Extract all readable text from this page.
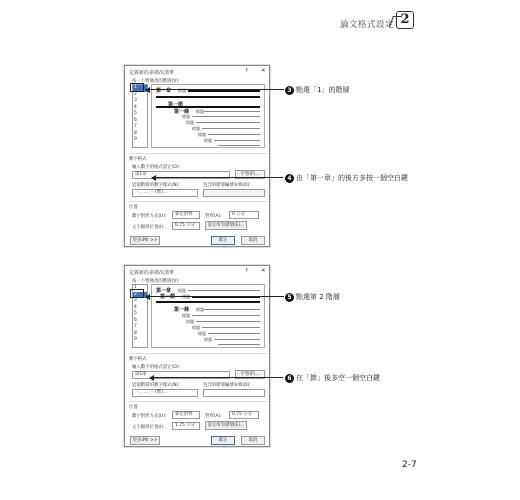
論文格式設定 2
定義新的多層次清單	? ✕
按一下要修改的階層(V):
1
2
3
4
5
6
7
8
9
第一章 標題
第一節
第一條 標題
標題
標題
標題
標題
標題
數字格式
輸入數字的格式設定(O):
第1章	字型(F)...
這個階層的數字樣式(N):	包含的階層編號來源(D):
一, 二, 三 (繁)...
位置
數字對齊方式(U):	靠左對齊	對齊(A):	0 公分
文字縮排位置(I):	0.75 公分	設定所有階層(E)...
更多(M) >>	確定	取消
3 點選「1」的階層
4 由「第一章」的後方多按一個空白鍵
定義新的多層次清單	? ✕
按一下要修改的階層(V):
1
2
3
4
5
6
7
8
9
第一章 標題
第一節 標題
第一條 標題
標題
標題
標題
標題
標題
數字格式
輸入數字的格式設定(O):
第1節	字型(F)...
這個階層的數字樣式(N):	包含的階層編號來源(D):
一, 二, 三 (繁)...
位置
數字對齊方式(U):	靠左對齊	對齊(A):	0.75 公分
文字縮排位置(I):	1.75 公分	設定所有階層(E)...
更多(M) >>	確定	取消
5 點選第 2 階層
6 在「節」後多空一個空白鍵
2-7
